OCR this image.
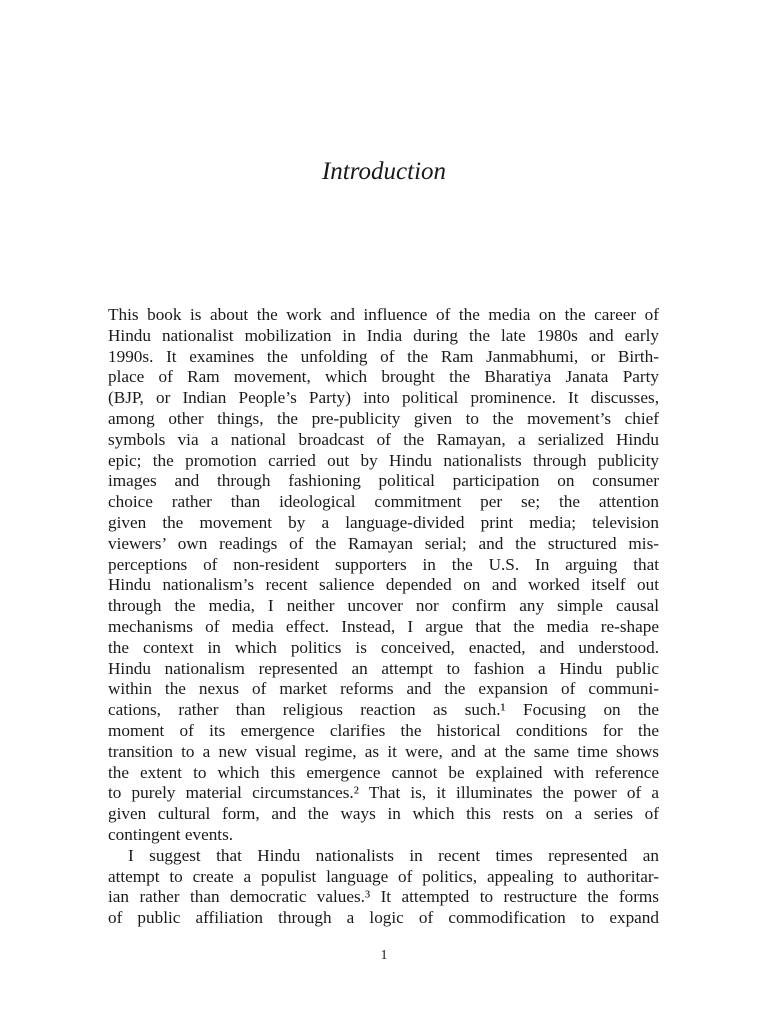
Introduction
This book is about the work and influence of the media on the career of
Hindu nationalist mobilization in India during the late 1980s and early
1990s. It examines the unfolding of the Ram Janmabhumi, or Birth-
place of Ram movement, which brought the Bharatiya Janata Party
(BJP, or Indian People’s Party) into political prominence. It discusses,
among other things, the pre-publicity given to the movement’s chief
symbols via a national broadcast of the Ramayan, a serialized Hindu
epic; the promotion carried out by Hindu nationalists through publicity
images and through fashioning political participation on consumer
choice rather than ideological commitment per se; the attention
given the movement by a language-divided print media; television
viewers’ own readings of the Ramayan serial; and the structured mis-
perceptions of non-resident supporters in the U.S. In arguing that
Hindu nationalism’s recent salience depended on and worked itself out
through the media, I neither uncover nor confirm any simple causal
mechanisms of media effect. Instead, I argue that the media re-shape
the context in which politics is conceived, enacted, and understood.
Hindu nationalism represented an attempt to fashion a Hindu public
within the nexus of market reforms and the expansion of communi-
cations, rather than religious reaction as such.¹ Focusing on the
moment of its emergence clarifies the historical conditions for the
transition to a new visual regime, as it were, and at the same time shows
the extent to which this emergence cannot be explained with reference
to purely material circumstances.² That is, it illuminates the power of a
given cultural form, and the ways in which this rests on a series of
contingent events.
I suggest that Hindu nationalists in recent times represented an
attempt to create a populist language of politics, appealing to authoritar-
ian rather than democratic values.³ It attempted to restructure the forms
of public affiliation through a logic of commodification to expand
1
